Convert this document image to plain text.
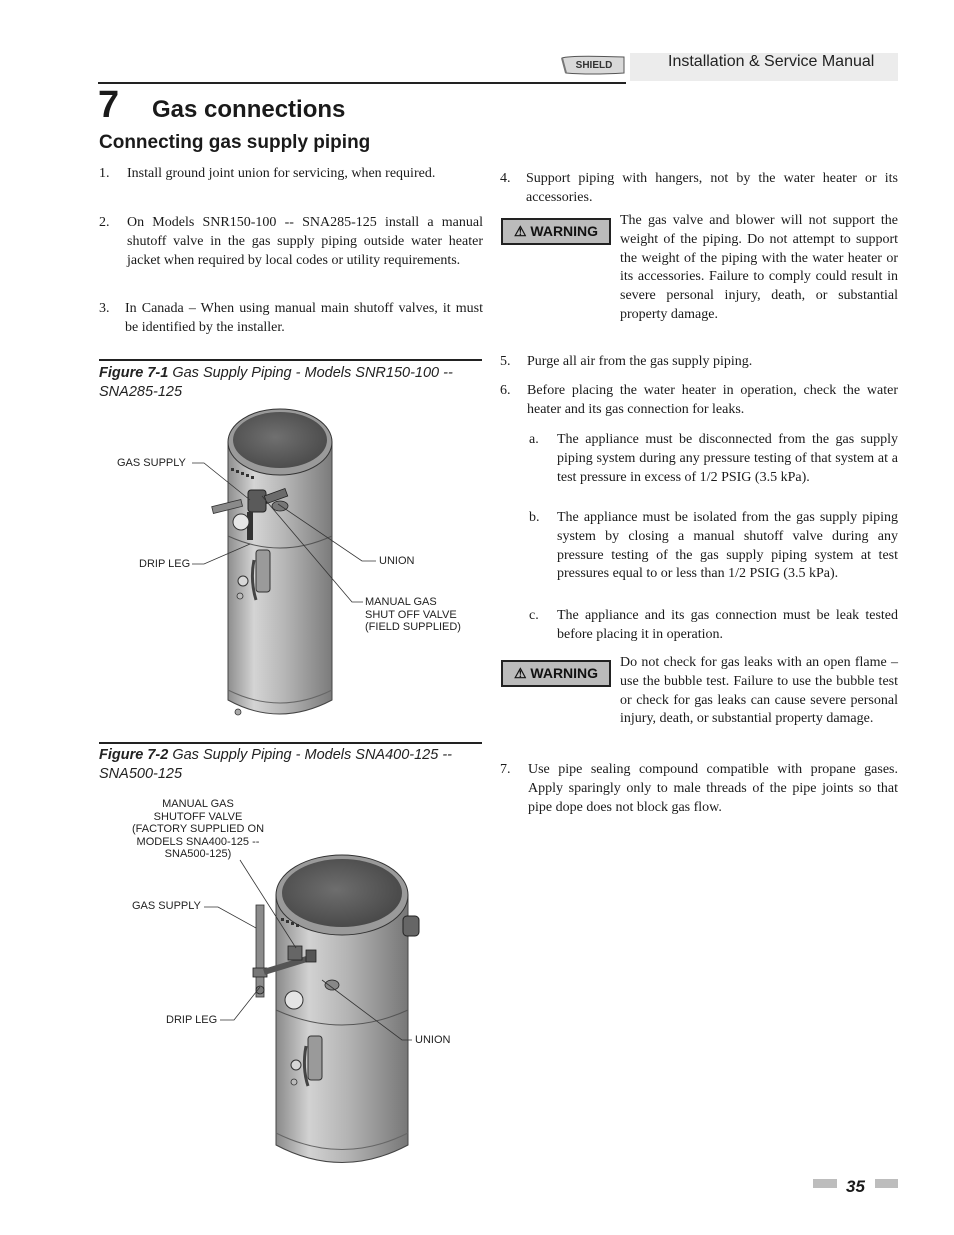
SHIELD	Installation & Service Manual
7 Gas connections
Connecting gas supply piping
1. Install ground joint union for servicing, when required.
2. On Models SNR150-100 -- SNA285-125 install a manual shutoff valve in the gas supply piping outside water heater jacket when required by local codes or utility requirements.
3. In Canada – When using manual main shutoff valves, it must be identified by the installer.
Figure 7-1 Gas Supply Piping - Models SNR150-100 -- SNA285-125
GAS SUPPLY
DRIP LEG	UNION
MANUAL GAS
SHUT OFF VALVE
(FIELD SUPPLIED)
Figure 7-2 Gas Supply Piping - Models SNA400-125 -- SNA500-125
MANUAL GAS
SHUTOFF VALVE
(FACTORY SUPPLIED ON
MODELS SNA400-125 --
SNA500-125)
GAS SUPPLY
DRIP LEG
UNION
4. Support piping with hangers, not by the water heater or its accessories.
⚠ WARNING
The gas valve and blower will not support the weight of the piping. Do not attempt to support the weight of the piping with the water heater or its accessories. Failure to comply could result in severe personal injury, death, or substantial property damage.
5. Purge all air from the gas supply piping.
6. Before placing the water heater in operation, check the water heater and its gas connection for leaks.
a. The appliance must be disconnected from the gas supply piping system during any pressure testing of that system at a test pressure in excess of 1/2 PSIG (3.5 kPa).
b. The appliance must be isolated from the gas supply piping system by closing a manual shutoff valve during any pressure testing of the gas supply piping system at test pressures equal to or less than 1/2 PSIG (3.5 kPa).
c. The appliance and its gas connection must be leak tested before placing it in operation.
⚠ WARNING
Do not check for gas leaks with an open flame – use the bubble test. Failure to use the bubble test or check for gas leaks can cause severe personal injury, death, or substantial property damage.
7. Use pipe sealing compound compatible with propane gases. Apply sparingly only to male threads of the pipe joints so that pipe dope does not block gas flow.
35
